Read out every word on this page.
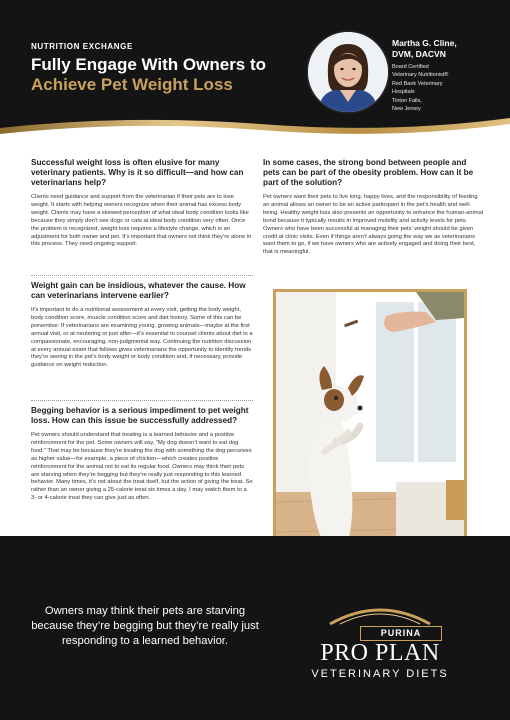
NUTRITION EXCHANGE
Fully Engage With Owners to
Achieve Pet Weight Loss
Martha G. Cline,
DVM, DACVN
Board Certified
Veterinary Nutritionist®
Red Bank Veterinary
Hospitals
Tinton Falls,
New Jersey
Successful weight loss is often elusive for many veterinary patients. Why is it so difficult—and how can veterinarians help?

Clients need guidance and support from the veterinarian if their pets are to lose weight. It starts with helping owners recognize when their animal has excess body weight. Clients may have a skewed perception of what ideal body condition looks like because they simply don’t see dogs or cats at ideal body condition very often. Once the problem is recognized, weight loss requires a lifestyle change, which is an adjustment for both owner and pet. It’s important that owners not think they’re alone in this process. They need ongoing support.

Weight gain can be insidious, whatever the cause. How can veterinarians intervene earlier?

It’s important to do a nutritional assessment at every visit, getting the body weight, body condition score, muscle condition score and diet history. Some of this can be preventive: If veterinarians are examining young, growing animals—maybe at the first annual visit, or at neutering or just after—it’s essential to counsel clients about diet in a compassionate, encouraging, non-judgmental way. Continuing the nutrition discussion at every annual exam that follows gives veterinarians the opportunity to identify trends they’re seeing in the pet’s body weight or body condition and, if necessary, provide guidance on weight reduction.

Begging behavior is a serious impediment to pet weight loss. How can this issue be successfully addressed?

Pet owners should understand that treating is a learned behavior and a positive reinforcement for the pet. Some owners will say, “My dog doesn’t want to eat dog food.” That may be because they’re treating the dog with something the dog perceives as higher value—for example, a piece of chicken—which creates positive reinforcement for the animal not to eat its regular food. Owners may think their pets are starving when they’re begging but they’re really just responding to this learned behavior. Many times, it’s not about the treat itself, but the action of giving the treat. So rather than an owner giving a 25-calorie treat six times a day, I may switch them to a 3- or 4-calorie treat they can give just as often.

In some cases, the strong bond between people and pets can be part of the obesity problem. How can it be part of the solution?

Pet owners want their pets to live long, happy lives, and the responsibility of feeding an animal allows an owner to be an active participant in the pet’s health and well-being. Healthy weight loss also presents an opportunity to enhance the human-animal bond because it typically results in improved mobility and activity levels for pets. Owners who have been successful at managing their pets’ weight should be given credit at clinic visits. Even if things aren’t always going the way we as veterinarians want them to go, if we have owners who are actively engaged and doing their best, that is meaningful.

Owners may think their pets are starving because they’re begging but they’re really just responding to a learned behavior.
PURINA
PRO PLAN
VETERINARY DIETS
